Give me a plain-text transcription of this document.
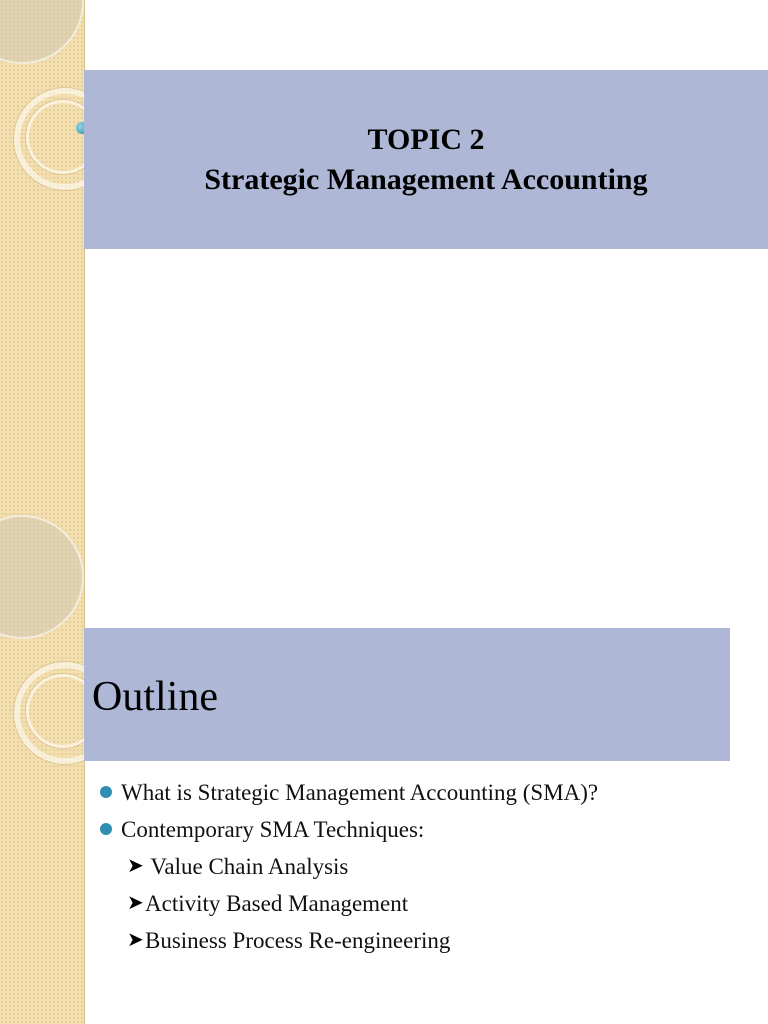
TOPIC 2
Strategic Management Accounting
Outline
What is Strategic Management Accounting (SMA)?
Contemporary SMA Techniques:
➤ Value Chain Analysis
➤ Activity Based Management
➤ Business Process Re-engineering
